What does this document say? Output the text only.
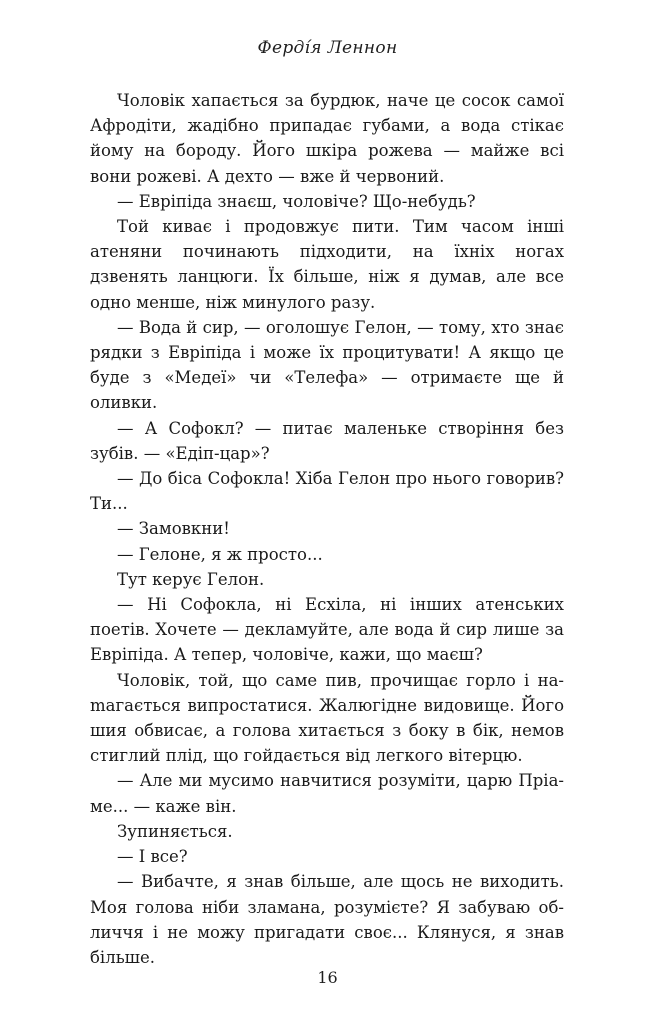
Ферді́я Леннон

Чоловік хапається за бурдюк, наче це сосок самої Афродіти, жадібно припадає губами, а вода стікає йому на бороду. Його шкіра рожева — майже всі вони рожеві. А дехто — вже й червоний.

— Евріпіда знаєш, чоловіче? Що-небудь?

Той киває і продовжує пити. Тим часом інші атеняни починають підходити, на їхніх ногах дзвенять ланцюги. Їх більше, ніж я думав, але все одно менше, ніж минулого разу.

— Вода й сир, — оголошує Гелон, — тому, хто знає рядки з Евріпіда і може їх процитувати! А якщо це буде з «Медеї» чи «Телефа» — отримаєте ще й оливки.

— А Софокл? — питає маленьке створіння без зубів. — «Едіп-цар»?

— До біса Софокла! Хіба Гелон про нього говорив? Ти...

— Замовкни!

— Гелоне, я ж просто...

Тут керує Гелон.

— Ні Софокла, ні Есхіла, ні інших атенських поетів. Хочете — декламуйте, але вода й сир лише за Евріпіда. А тепер, чоловіче, кажи, що маєш?

Чоловік, той, що саме пив, прочищає горло і наmагається випростатися. Жалюгідне видовище. Його шия обвисає, а голова хитається з боку в бік, немов стиглий плід, що гойдається від легкого вітерцю.

— Але ми мусимо навчитися розуміти, царю Пріаме... — каже він.

Зупиняється.

— І все?

— Вибачте, я знав більше, але щось не виходить. Моя голова ніби зламана, розумієте? Я забуваю обличчя і не можу пригадати своє... Клянуся, я знав більше.

16
